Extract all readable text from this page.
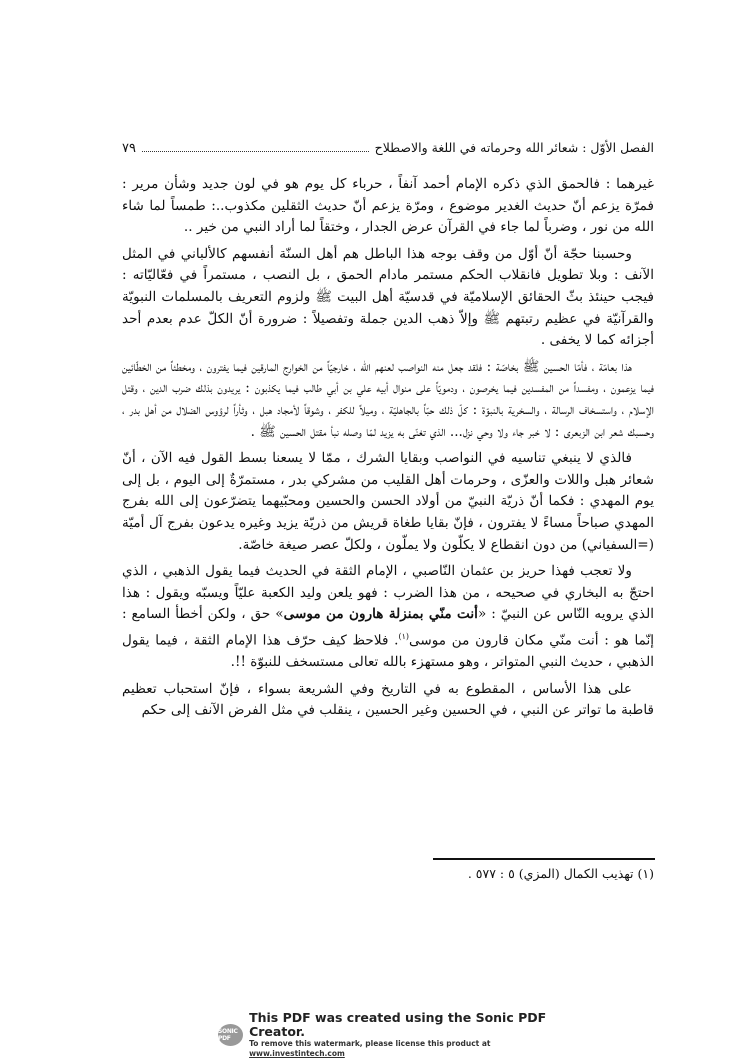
الفصل الأوّل : شعائر الله وحرماته في اللغة والاصطلاح
٧٩

غيرهما : فالحمق الذي ذكره الإمام أحمد آنفاً ، حرباء كل يوم هو في لون جديد وشأن مرير : فمرّة يزعم أنّ حديث الغدير موضوع ، ومرّة يزعم أنّ حديث الثقلين مكذوب..: طمساً لما شاء الله من نور ، وضرباً لما جاء في القرآن عرض الجدار ، وختقاً لما أراد النبي من خير ..

وحسبنا حجّة أنّ أوّل من وقف بوجه هذا الباطل هم أهل السنّة أنفسهم كالألباني في المثل الآنف : وبلا تطويل فانقلاب الحكم مستمر مادام الحمق ، بل النصب ، مستمراً في فعّاليّاته : فيجب حينئذ بثّ الحقائق الإسلاميّة في قدسيّة أهل البيت ﷺ ولزوم التعريف بالمسلمات النبويّة والقرآنيّة في عظيم رتبتهم ﷺ وإلاّ ذهب الدين جملة وتفصيلاً : ضرورة أنّ الكلّ عدم بعدم أحد أجزائه كما لا يخفى .

هذا بعامّة ، فأمّا الحسين ﷺ بخاصّة : فلقد جعل منه النواصب لعنهم الله ، خارجيّاً من الخوارج المارقين فيما يفترون ، ومخطئاً من الخطّائين فيما يزعمون ، ومفسداً من المفسدين فيما يخرصون ، ودمويّاً على منوال أبيه علي بن أبي طالب فيما يكذبون : يريدون بذلك ضرب الدين ، وقتل الإسلام ، واستسخاف الرسالة ، والسخرية بالنبوّة : كلّ ذلك حبّاً بالجاهليّة ، وميلاً للكفر ، وشوقاً لأمجاد هبل ، وثأراً لرؤوس الضلال من أهل بدر ، وحسبك شعر ابن الزبعرى : لا خبر جاء ولا وحي نزل... الذي تغنّى به يزيد لمّا وصله نبأ مقتل الحسين ﷺ .

فالذي لا ينبغي تناسيه في النواصب وبقايا الشرك ، ممّا لا يسعنا بسط القول فيه الآن ، أنّ شعائر هبل واللات والعزّى ، وحرمات أهل القليب من مشركي بدر ، مستمرّةٌ إلى اليوم ، بل إلى يوم المهدي : فكما أنّ ذريّة النبيّ من أولاد الحسن والحسين ومحبّيهما يتضرّعون إلى الله بفرج المهدي صباحاً مساءً لا يفترون ، فإنّ بقايا طغاة قريش من ذريّة يزيد وغيره يدعون بفرج آل أميّة (=السفياني) من دون انقطاع لا يكلّون ولا يملّون ، ولكلّ عصر صيغة خاصّة.

ولا تعجب فهذا حريز بن عثمان النّاصبي ، الإمام الثقة في الحديث فيما يقول الذهبي ، الذي احتجّ به البخاري في صحيحه ، من هذا الضرب : فهو يلعن وليد الكعبة عليّاً ويسبّه ويقول : هذا الذي يرويه النّاس عن النبيّ : «أنت منّي بمنزلة هارون من موسى» حق ، ولكن أخطأ السامع : إنّما هو : أنت منّي مكان قارون من موسى$^{(١)}$. فلاحظ كيف حرّف هذا الإمام الثقة ، فيما يقول الذهبي ، حديث النبي المتواتر ، وهو مستهزء بالله تعالى مستسخف للنبوّة !!.

على هذا الأساس ، المقطوع به في التاريخ وفي الشريعة بسواء ، فإنّ استحباب تعظيم قاطبة ما تواتر عن النبي ، في الحسين وغير الحسين ، ينقلب في مثل الفرض الآنف إلى حكم

(١) تهذيب الكمال (المزي) ٥ : ٥٧٧ .
SONIC PDF
This PDF was created using the Sonic PDF Creator.
To remove this watermark, please license this product at www.investintech.com
